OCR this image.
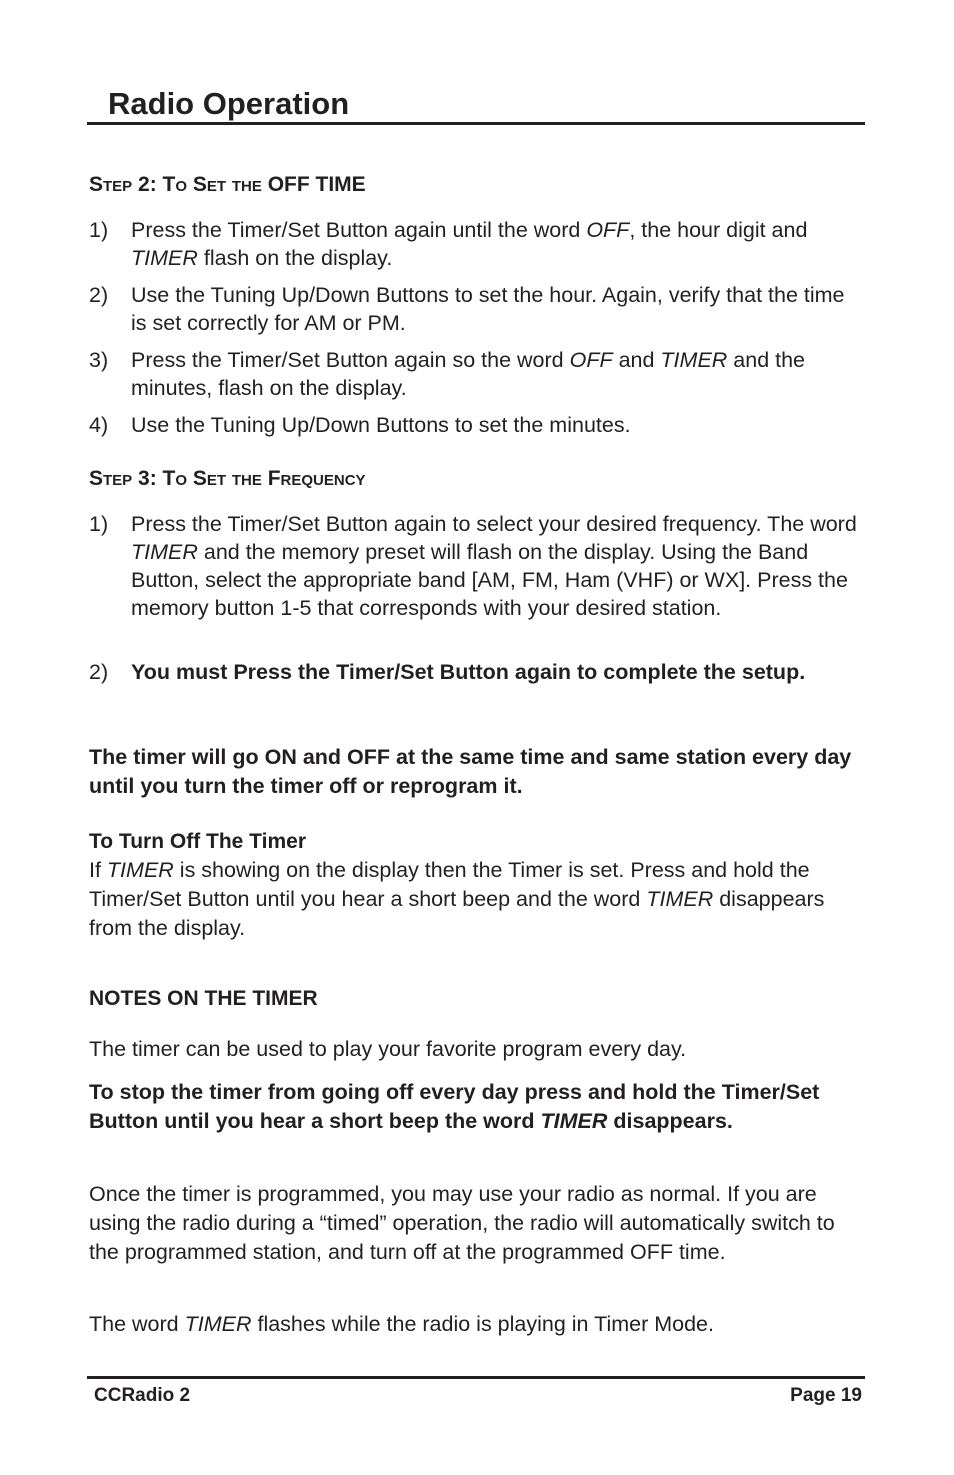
Radio Operation
Step 2: To Set the OFF TIME
1) Press the Timer/Set Button again until the word OFF, the hour digit and TIMER flash on the display.
2) Use the Tuning Up/Down Buttons to set the hour. Again, verify that the time is set correctly for AM or PM.
3) Press the Timer/Set Button again so the word OFF and TIMER and the minutes, flash on the display.
4) Use the Tuning Up/Down Buttons to set the minutes.
Step 3: To Set the Frequency
1) Press the Timer/Set Button again to select your desired frequency. The word TIMER and the memory preset will flash on the display. Using the Band Button, select the appropriate band [AM, FM, Ham (VHF) or WX]. Press the memory button 1-5 that corresponds with your desired station.
2) You must Press the Timer/Set Button again to complete the setup.

The timer will go ON and OFF at the same time and same station every day until you turn the timer off or reprogram it.

To Turn Off The Timer

If TIMER is showing on the display then the Timer is set. Press and hold the Timer/Set Button until you hear a short beep and the word TIMER disappears from the display.

NOTES ON THE TIMER

The timer can be used to play your favorite program every day.

To stop the timer from going off every day press and hold the Timer/Set Button until you hear a short beep the word TIMER disappears.

Once the timer is programmed, you may use your radio as normal. If you are using the radio during a “timed” operation, the radio will automatically switch to the programmed station, and turn off at the programmed OFF time.

The word TIMER flashes while the radio is playing in Timer Mode.

CCRadio 2	Page 19
